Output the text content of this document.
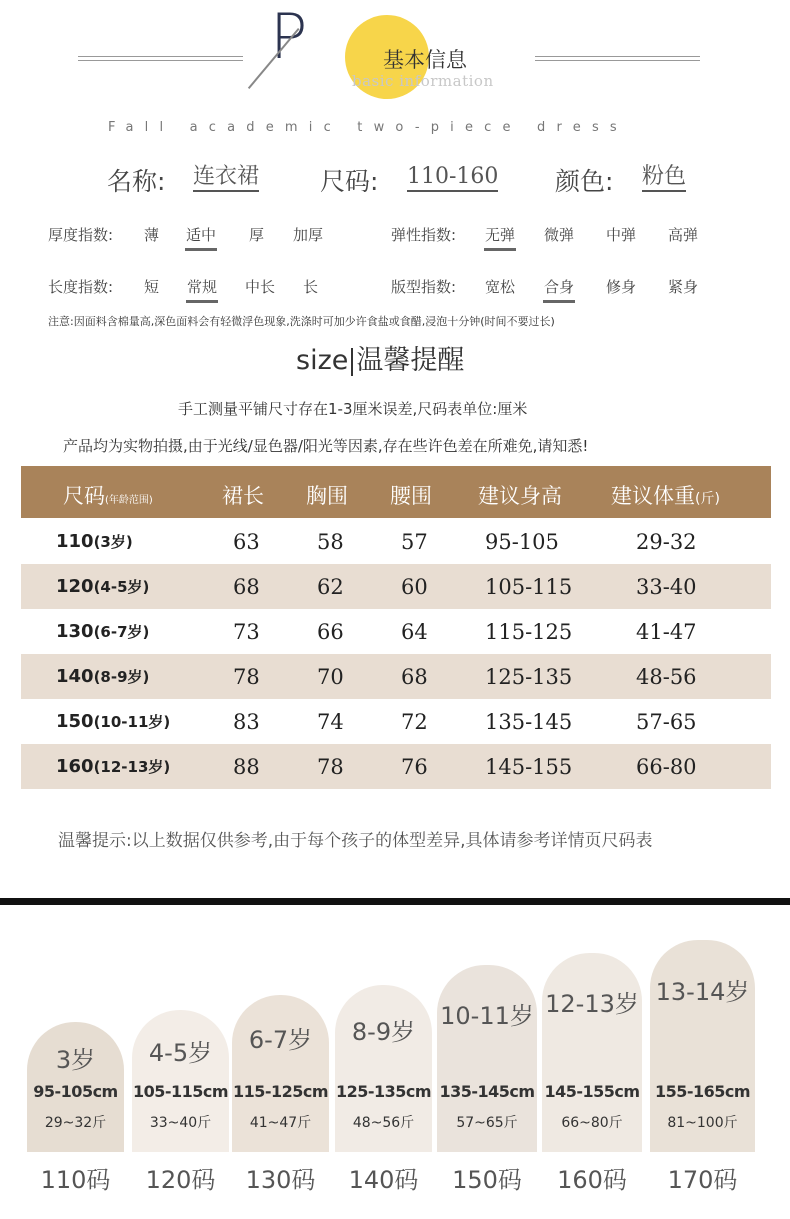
P	基本信息
basic information
Fall academic two-piece dress
名称: 连衣裙 尺码: 110-160 颜色: 粉色
厚度指数: 薄 适中 厚 加厚	弹性指数: 无弹 微弹 中弹 高弹
长度指数: 短 常规 中长 长	版型指数: 宽松 合身 修身 紧身
注意:因面料含棉量高,深色面料会有轻微浮色现象,洗涤时可加少许食盐或食醋,浸泡十分钟(时间不要过长)
size 温馨提醒
手工测量平铺尺寸存在1-3厘米误差,尺码表单位:厘米
产品均为实物拍摄,由于光线/显色器/阳光等因素,存在些许色差在所难免,请知悉!
尺码(年龄范围)	裙长 胸围 腰围 建议身高 建议体重(斤)
110(3岁)	63	58	57	95-105	29-32
120(4-5岁)	68	62	60	105-115	33-40
130(6-7岁)	73	66	64	115-125	41-47
140(8-9岁)	78	70	68	125-135	48-56
150(10-11岁)	83	74	72	135-145	57-65
160(12-13岁)	88	78	76	145-155	66-80
温馨提示:以上数据仅供参考,由于每个孩子的体型差异,具体请参考详情页尺码表
3岁
95-105cm
29~32斤
110码
4-5岁
105-115cm
33~40斤
120码
6-7岁
115-125cm
41~47斤
130码
8-9岁
125-135cm
48~56斤
140码
10-11岁
135-145cm
57~65斤
150码
12-13岁
145-155cm
66~80斤
160码
13-14岁
155-165cm
81~100斤
170码
